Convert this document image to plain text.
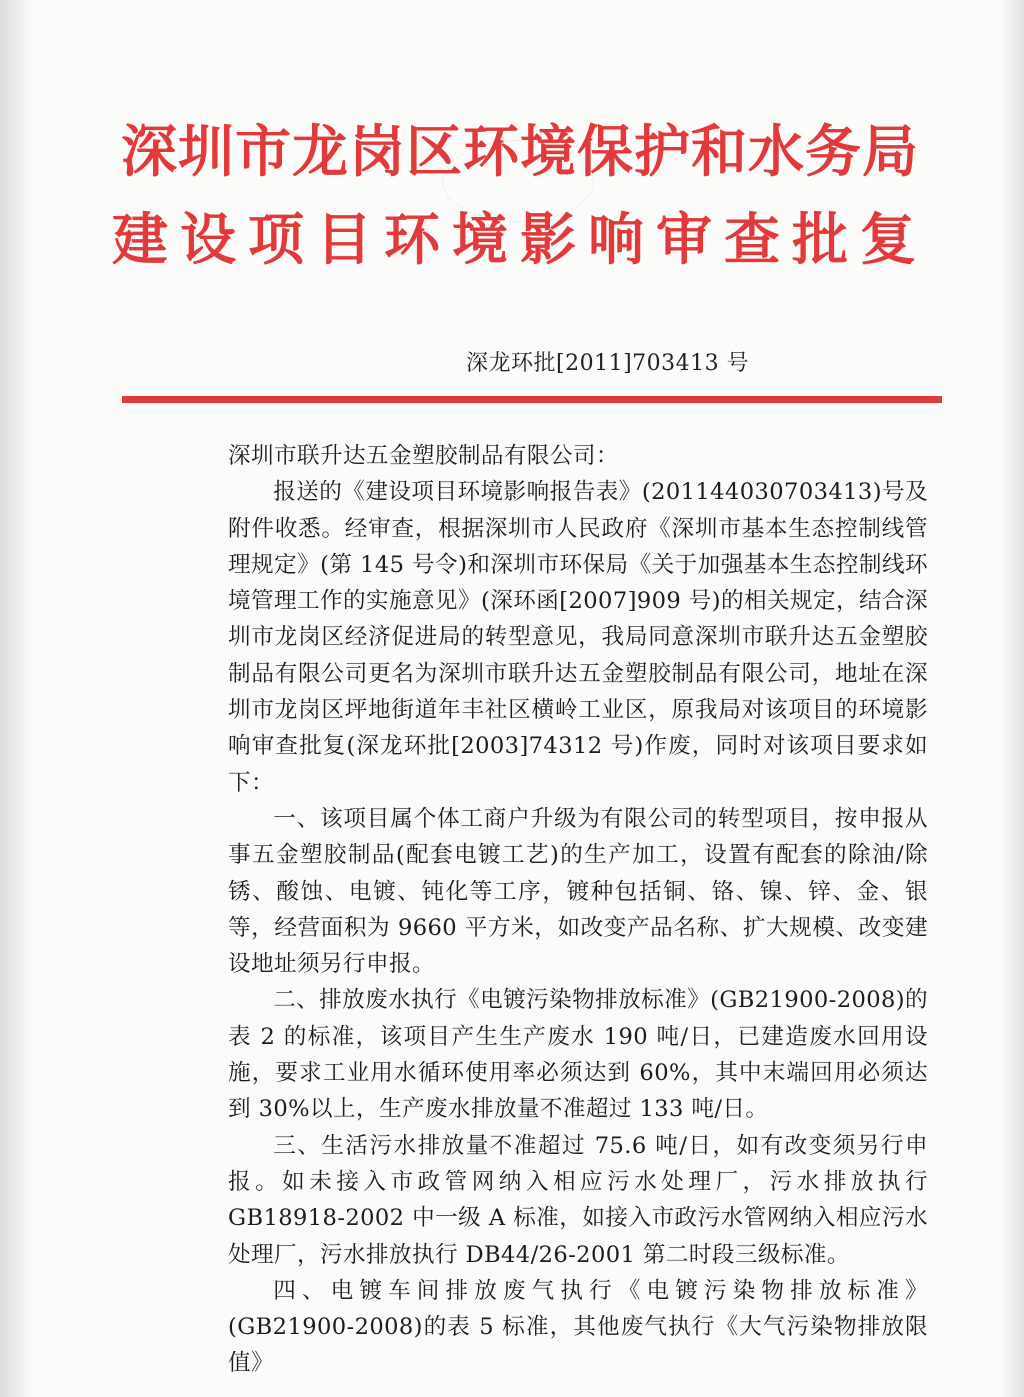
深圳市龙岗区环境保护和水务局
建设项目环境影响审查批复
深龙环批[2011]703413 号

深圳市联升达五金塑胶制品有限公司：

报送的《建设项目环境影响报告表》(201144030703413)号及附件收悉。经审查，根据深圳市人民政府《深圳市基本生态控制线管理规定》(第 145 号令)和深圳市环保局《关于加强基本生态控制线环境管理工作的实施意见》(深环函[2007]909 号)的相关规定，结合深圳市龙岗区经济促进局的转型意见，我局同意深圳市联升达五金塑胶制品有限公司更名为深圳市联升达五金塑胶制品有限公司，地址在深圳市龙岗区坪地街道年丰社区横岭工业区，原我局对该项目的环境影响审查批复(深龙环批[2003]74312 号)作废，同时对该项目要求如下：

一、该项目属个体工商户升级为有限公司的转型项目，按申报从事五金塑胶制品(配套电镀工艺)的生产加工，设置有配套的除油/除锈、酸蚀、电镀、钝化等工序，镀种包括铜、铬、镍、锌、金、银等，经营面积为 9660 平方米，如改变产品名称、扩大规模、改变建设地址须另行申报。

二、排放废水执行《电镀污染物排放标准》(GB21900-2008)的表 2 的标准，该项目产生生产废水 190 吨/日，已建造废水回用设施，要求工业用水循环使用率必须达到 60%，其中末端回用必须达到 30%以上，生产废水排放量不准超过 133 吨/日。

三、生活污水排放量不准超过 75.6 吨/日，如有改变须另行申报。如未接入市政管网纳入相应污水处理厂，污水排放执行 GB18918-2002 中一级 A 标准，如接入市政污水管网纳入相应污水处理厂，污水排放执行 DB44/26-2001 第二时段三级标准。

四、电镀车间排放废气执行《电镀污染物排放标准》(GB21900-2008)的表 5 标准，其他废气执行《大气污染物排放限值》
